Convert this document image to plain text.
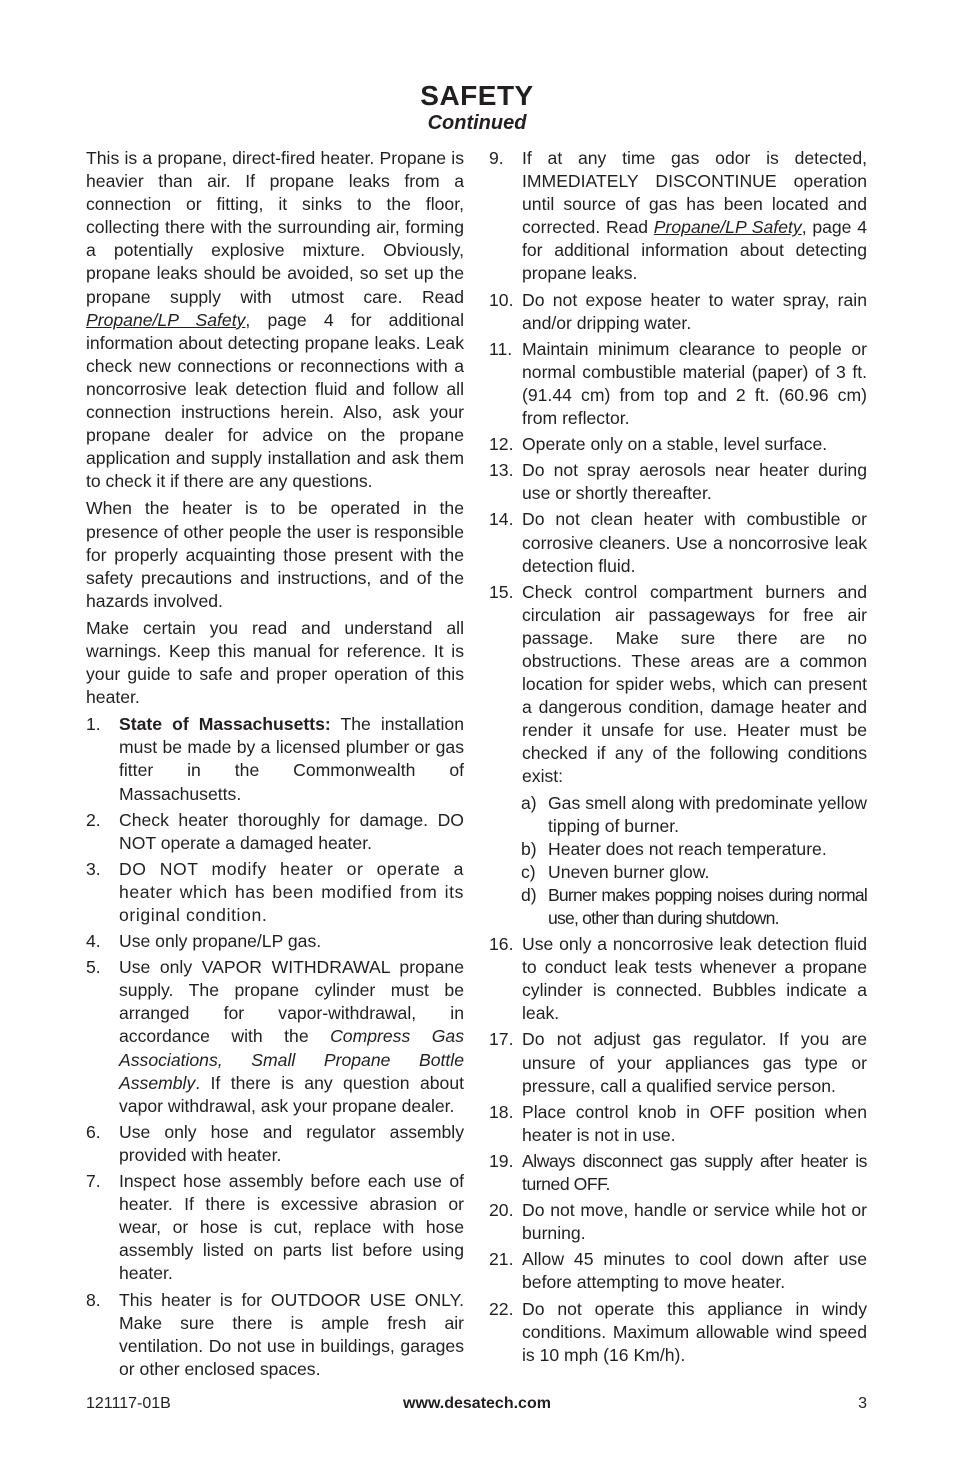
SAFETY
Continued

This is a propane, direct-fired heater. Propane is heavier than air. If propane leaks from a connection or fitting, it sinks to the floor, collecting there with the surrounding air, forming a potentially explosive mixture. Obviously, propane leaks should be avoided, so set up the propane supply with utmost care. Read Propane/LP Safety, page 4 for additional information about detecting propane leaks. Leak check new connections or reconnections with a noncorrosive leak detection fluid and follow all connection instructions herein. Also, ask your propane dealer for advice on the propane application and supply installation and ask them to check it if there are any questions.

When the heater is to be operated in the presence of other people the user is responsible for properly acquainting those present with the safety precautions and instructions, and of the hazards involved.

Make certain you read and understand all warnings. Keep this manual for reference. It is your guide to safe and proper operation of this heater.

1. State of Massachusetts: The installation must be made by a licensed plumber or gas fitter in the Commonwealth of Massachusetts.
2. Check heater thoroughly for damage. DO NOT operate a damaged heater.
3. DO NOT modify heater or operate a heater which has been modified from its original condition.
4. Use only propane/LP gas.
5. Use only VAPOR WITHDRAWAL propane supply. The propane cylinder must be arranged for vapor-withdrawal, in accordance with the Compress Gas Associations, Small Propane Bottle Assembly. If there is any question about vapor withdrawal, ask your propane dealer.
6. Use only hose and regulator assembly provided with heater.
7. Inspect hose assembly before each use of heater. If there is excessive abrasion or wear, or hose is cut, replace with hose assembly listed on parts list before using heater.
8. This heater is for OUTDOOR USE ONLY. Make sure there is ample fresh air ventilation. Do not use in buildings, garages or other enclosed spaces.
9. If at any time gas odor is detected, IMMEDIATELY DISCONTINUE operation until source of gas has been located and corrected. Read Propane/LP Safety, page 4 for additional information about detecting propane leaks.
10. Do not expose heater to water spray, rain and/or dripping water.
11. Maintain minimum clearance to people or normal combustible material (paper) of 3 ft. (91.44 cm) from top and 2 ft. (60.96 cm) from reflector.
12. Operate only on a stable, level surface.
13. Do not spray aerosols near heater during use or shortly thereafter.
14. Do not clean heater with combustible or corrosive cleaners. Use a noncorrosive leak detection fluid.
15. Check control compartment burners and circulation air passageways for free air passage. Make sure there are no obstructions. These areas are a common location for spider webs, which can present a dangerous condition, damage heater and render it unsafe for use. Heater must be checked if any of the following conditions exist:
a) Gas smell along with predominate yellow tipping of burner.
b) Heater does not reach temperature.
c) Uneven burner glow.
d) Burner makes popping noises during normal use, other than during shutdown.
16. Use only a noncorrosive leak detection fluid to conduct leak tests whenever a propane cylinder is connected. Bubbles indicate a leak.
17. Do not adjust gas regulator. If you are unsure of your appliances gas type or pressure, call a qualified service person.
18. Place control knob in OFF position when heater is not in use.
19. Always disconnect gas supply after heater is turned OFF.
20. Do not move, handle or service while hot or burning.
21. Allow 45 minutes to cool down after use before attempting to move heater.
22. Do not operate this appliance in windy conditions. Maximum allowable wind speed is 10 mph (16 Km/h).
121117-01B	www.desatech.com	3
